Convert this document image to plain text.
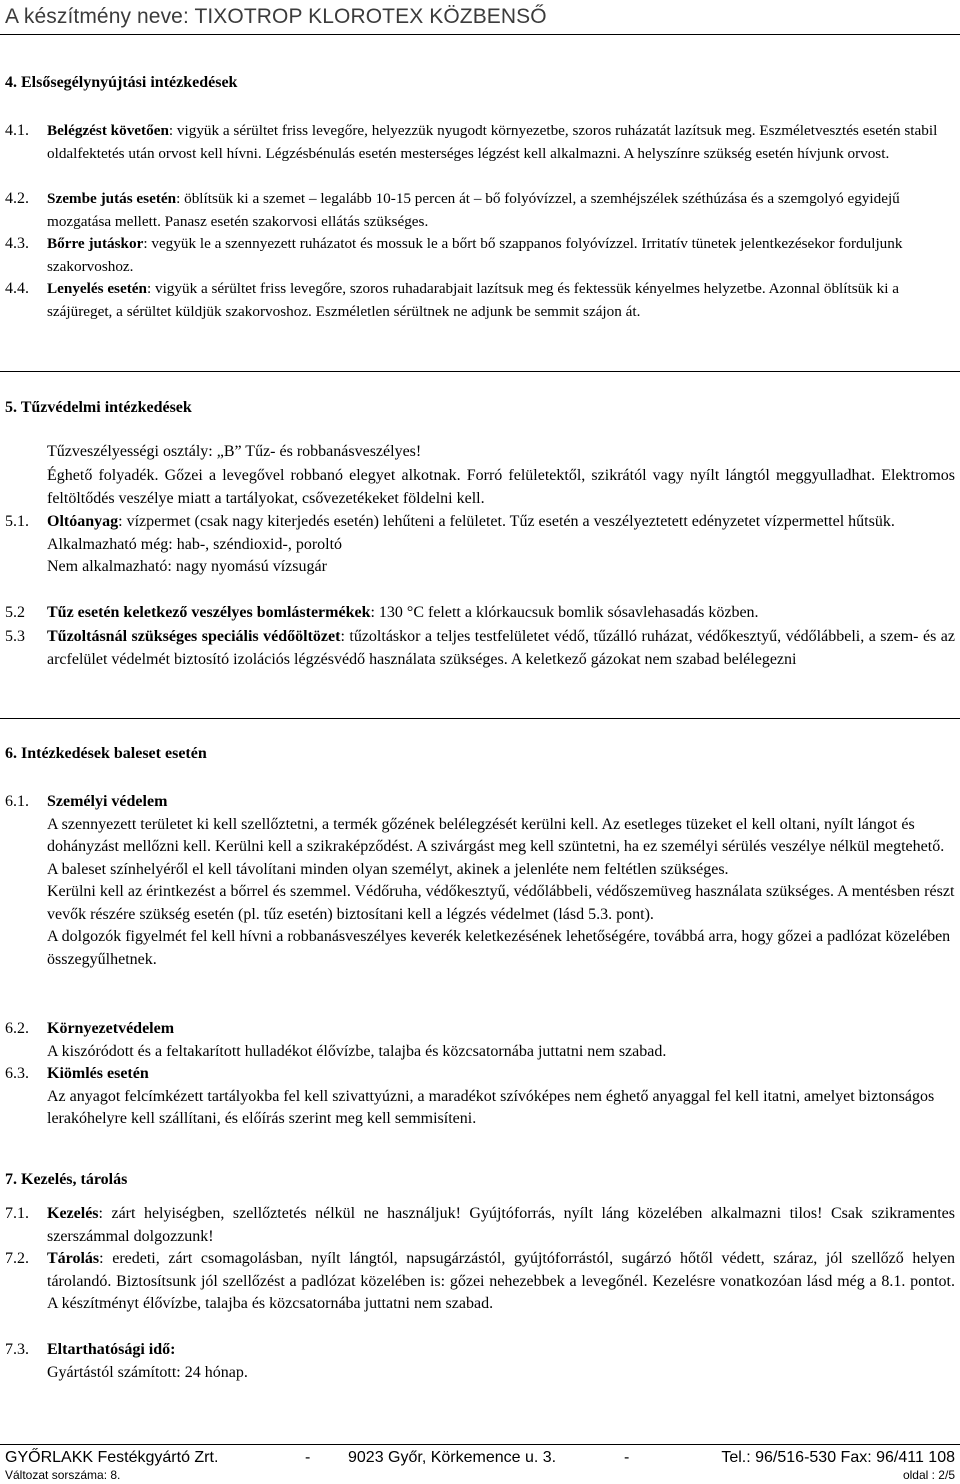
A készítmény neve: TIXOTROP KLOROTEX KÖZBENSŐ
4. Elsősegélynyújtási intézkedések
4.1.	Belégzést követően: vigyük a sérültet friss levegőre, helyezzük nyugodt környezetbe, szoros ruházatát lazítsuk meg. Eszméletvesztés esetén stabil oldalfektetés után orvost kell hívni. Légzésbénulás esetén mesterséges légzést kell alkalmazni. A helyszínre szükség esetén hívjunk orvost.
4.2.	Szembe jutás esetén: öblítsük ki a szemet – legalább 10-15 percen át – bő folyóvízzel, a szemhéjszélek széthúzása és a szemgolyó egyidejű mozgatása mellett. Panasz esetén szakorvosi ellátás szükséges.
4.3.	Bőrre jutáskor: vegyük le a szennyezett ruházatot és mossuk le a bőrt bő szappanos folyóvízzel. Irritatív tünetek jelentkezésekor forduljunk szakorvoshoz.
4.4.	Lenyelés esetén: vigyük a sérültet friss levegőre, szoros ruhadarabjait lazítsuk meg és fektessük kényelmes helyzetbe. Azonnal öblítsük ki a szájüreget, a sérültet küldjük szakorvoshoz. Eszméletlen sérültnek ne adjunk be semmit szájon át.
5. Tűzvédelmi intézkedések
Tűzveszélyességi osztály: „B” Tűz- és robbanásveszélyes!
Éghető folyadék. Gőzei a levegővel robbanó elegyet alkotnak. Forró felületektől, szikrától vagy nyílt lángtól meggyulladhat. Elektromos feltöltődés veszélye miatt a tartályokat, csővezetékeket földelni kell.
5.1.	Oltóanyag: vízpermet (csak nagy kiterjedés esetén) lehűteni a felületet. Tűz esetén a veszélyeztetett edényzetet vízpermettel hűtsük.
Alkalmazható még: hab-, széndioxid-, poroltó
Nem alkalmazható: nagy nyomású vízsugár
5.2	Tűz esetén keletkező veszélyes bomlástermékek: 130 °C felett a klórkaucsuk bomlik sósavlehasadás közben.
5.3	Tűzoltásnál szükséges speciális védőöltözet: tűzoltáskor a teljes testfelületet védő, tűzálló ruházat, védőkesztyű, védőlábbeli, a szem- és az arcfelület védelmét biztosító izolációs légzésvédő használata szükséges. A keletkező gázokat nem szabad belélegezni
6. Intézkedések baleset esetén
6.1.	Személyi védelem
A szennyezett területet ki kell szellőztetni, a termék gőzének belélegzését kerülni kell. Az esetleges tüzeket el kell oltani, nyílt lángot és dohányzást mellőzni kell. Kerülni kell a szikraképződést. A szivárgást meg kell szüntetni, ha ez személyi sérülés veszélye nélkül megtehető. A baleset színhelyéről el kell távolítani minden olyan személyt, akinek a jelenléte nem feltétlen szükséges.
Kerülni kell az érintkezést a bőrrel és szemmel. Védőruha, védőkesztyű, védőlábbeli, védőszemüveg használata szükséges. A mentésben részt vevők részére szükség esetén (pl. tűz esetén) biztosítani kell a légzés védelmet (lásd 5.3. pont).
A dolgozók figyelmét fel kell hívni a robbanásveszélyes keverék keletkezésének lehetőségére, továbbá arra, hogy gőzei a padlózat közelében összegyűlhetnek.
6.2.	Környezetvédelem
A kiszóródott és a feltakarított hulladékot élővízbe, talajba és közcsatornába juttatni nem szabad.
6.3.	Kiömlés esetén
Az anyagot felcímkézett tartályokba fel kell szivattyúzni, a maradékot szívóképes nem éghető anyaggal fel kell itatni, amelyet biztonságos lerakóhelyre kell szállítani, és előírás szerint meg kell semmisíteni.
7. Kezelés, tárolás
7.1.	Kezelés: zárt helyiségben, szellőztetés nélkül ne használjuk! Gyújtóforrás, nyílt láng közelében alkalmazni tilos! Csak szikramentes szerszámmal dolgozzunk!
7.2.	Tárolás: eredeti, zárt csomagolásban, nyílt lángtól, napsugárzástól, gyújtóforrástól, sugárzó hőtől védett, száraz, jól szellőző helyen tárolandó. Biztosítsunk jól szellőzést a padlózat közelében is: gőzei nehezebbek a levegőnél. Kezelésre vonatkozóan lásd még a 8.1. pontot. A készítményt élővízbe, talajba és közcsatornába juttatni nem szabad.
7.3.	Eltarthatósági idő:
Gyártástól számított: 24 hónap.
GYŐRLAKK Festékgyártó Zrt.	- 9023 Győr, Körkemence u. 3.	-	Tel.: 96/516-530 Fax: 96/411 108
Változat sorszáma: 8.	oldal : 2/5
